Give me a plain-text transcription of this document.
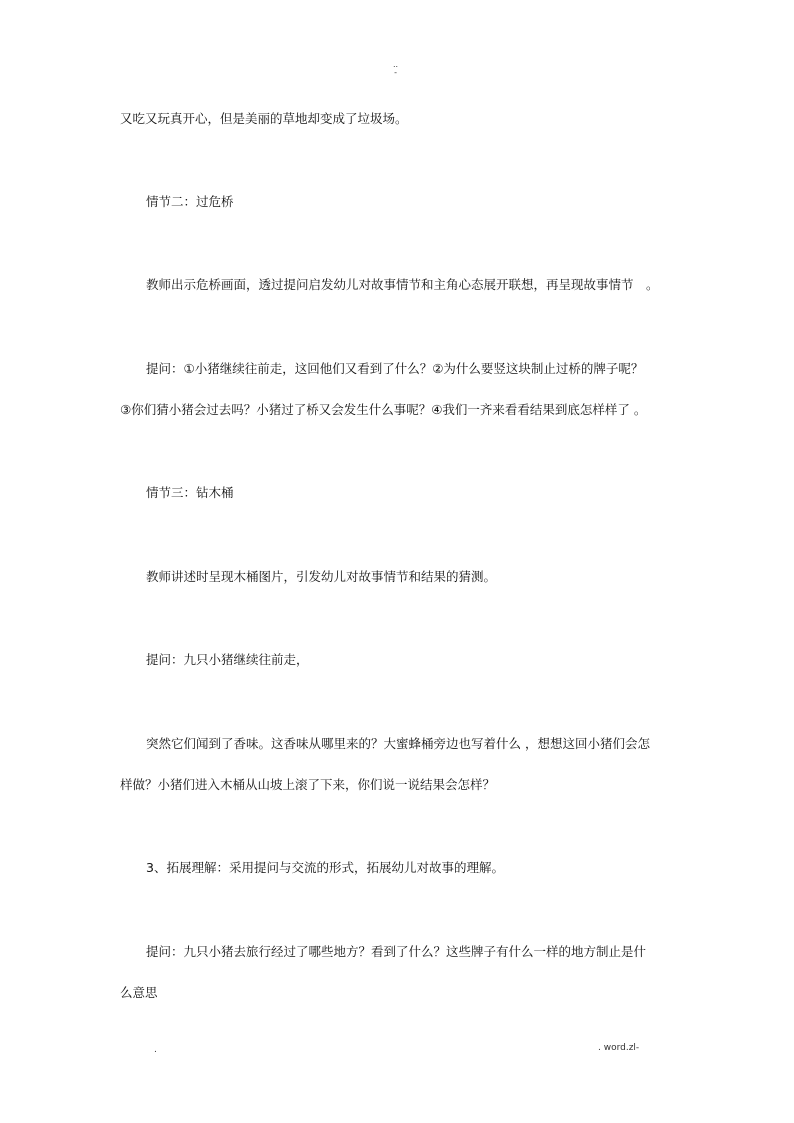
..
-
又吃又玩真开心，但是美丽的草地却变成了垃圾场。
情节二：过危桥
教师出示危桥画面，透过提问启发幼儿对故事情节和主角心态展开联想，再呈现故事情节　。
提问：①小猪继续往前走，这回他们又看到了什么？②为什么要竖这块制止过桥的牌子呢？
③你们猜小猪会过去吗？小猪过了桥又会发生什么事呢？④我们一齐来看看结果到底怎样样了 。
情节三：钻木桶
教师讲述时呈现木桶图片，引发幼儿对故事情节和结果的猜测。
提问：九只小猪继续往前走，
突然它们闻到了香味。这香味从哪里来的？大蜜蜂桶旁边也写着什么 ，想想这回小猪们会怎
样做？小猪们进入木桶从山坡上滚了下来，你们说一说结果会怎样？
3、拓展理解：采用提问与交流的形式，拓展幼儿对故事的理解。
提问：九只小猪去旅行经过了哪些地方？看到了什么？这些牌子有什么一样的地方制止是什
么意思
.	. word.zl-
